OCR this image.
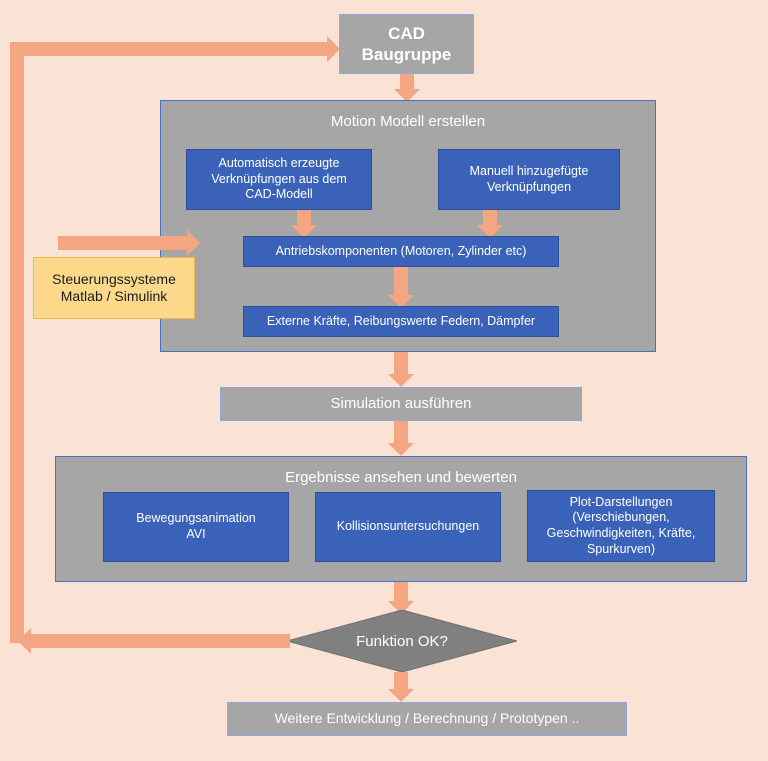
CAD
Baugruppe
Motion Modell erstellen
Automatisch erzeugte
Verknüpfungen aus dem
CAD-Modell
Manuell hinzugefügte
Verknüpfungen
Antriebskomponenten (Motoren, Zylinder etc)
Externe Kräfte, Reibungswerte Federn, Dämpfer
Steuerungssysteme
Matlab / Simulink
Simulation ausführen
Ergebnisse ansehen und bewerten
Bewegungsanimation
AVI
Kollisionsuntersuchungen
Plot-Darstellungen
(Verschiebungen,
Geschwindigkeiten, Kräfte,
Spurkurven)
Funktion OK?
Weitere Entwicklung / Berechnung / Prototypen ..
